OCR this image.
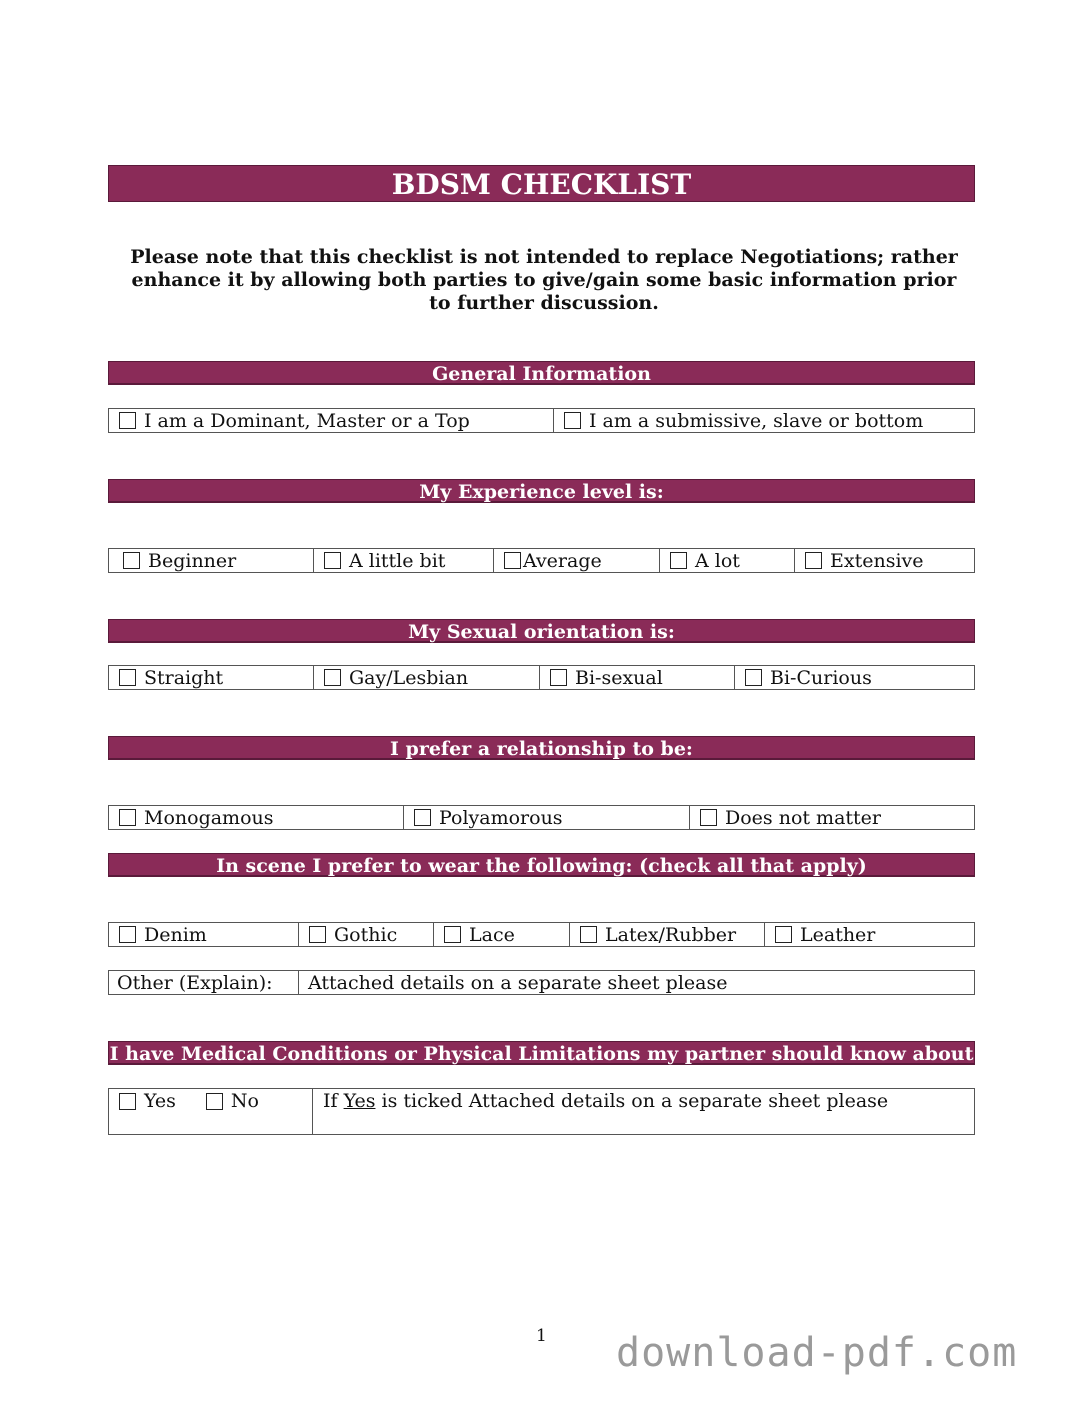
BDSM CHECKLIST
Please note that this checklist is not intended to replace Negotiations; rather enhance it by allowing both parties to give/gain some basic information prior to further discussion.
General Information
I am a Dominant, Master or a Top	I am a submissive, slave or bottom
My Experience level is:
Beginner	A little bit	Average	A lot	Extensive
My Sexual orientation is:
Straight	Gay/Lesbian	Bi-sexual	Bi-Curious
I prefer a relationship to be:
Monogamous	Polyamorous	Does not matter
In scene I prefer to wear the following: (check all that apply)
Denim	Gothic	Lace	Latex/Rubber	Leather
Other (Explain):	Attached details on a separate sheet please
I have Medical Conditions or Physical Limitations my partner should know about
Yes	No	If Yes is ticked Attached details on a separate sheet please
1 download-pdf.com
